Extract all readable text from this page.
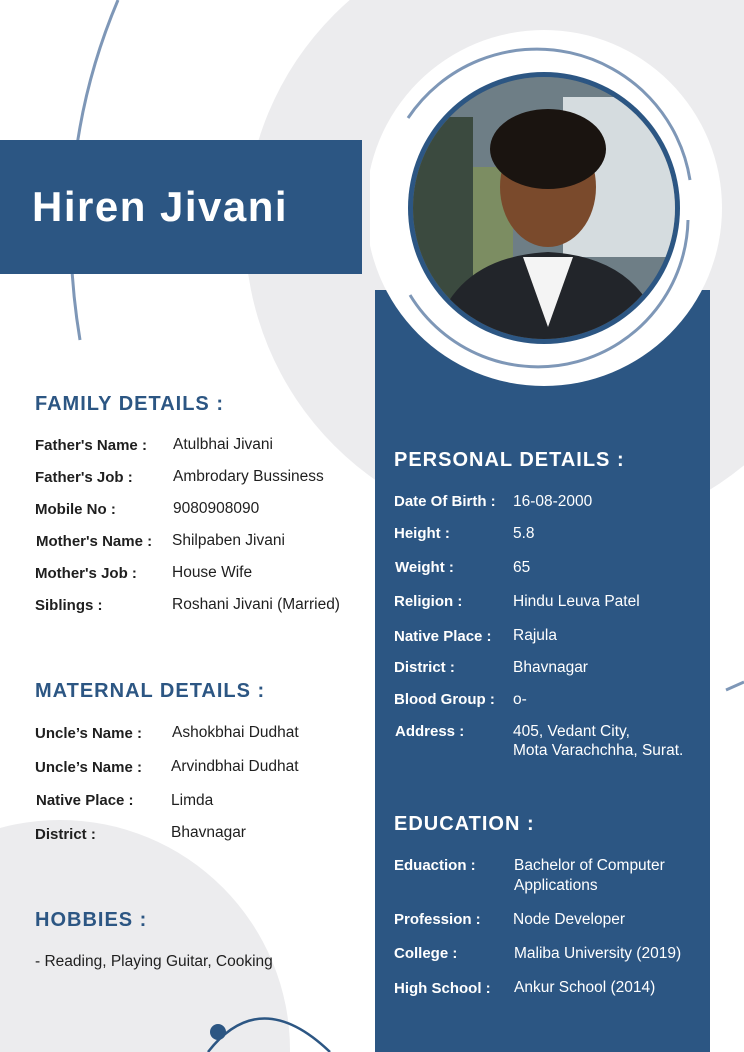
Hiren Jivani
FAMILY DETAILS :
Father's Name : Atulbhai Jivani
Father's Job :	Ambrodary Bussiness
Mobile No :	9080908090
Mother's Name : Shilpaben Jivani
Mother's Job : House Wife
Siblings :	Roshani Jivani (Married)
MATERNAL DETAILS :
Uncle’s Name : Ashokbhai Dudhat
Uncle’s Name : Arvindbhai Dudhat
Native Place : Limda
District :	Bhavnagar
HOBBIES :
- Reading, Playing Guitar, Cooking
PERSONAL DETAILS :
Date Of Birth : 16-08-2000
Height :	5.8
Weight :	65
Religion :	Hindu Leuva Patel
Native Place : Rajula
District :	Bhavnagar
Blood Group : o-
Address :	405, Vedant City,
Mota Varachchha, Surat.
EDUCATION :
Eduaction : Bachelor of Computer
Applications
Profession : Node Developer
College :	Maliba University (2019)
High School : Ankur School (2014)
